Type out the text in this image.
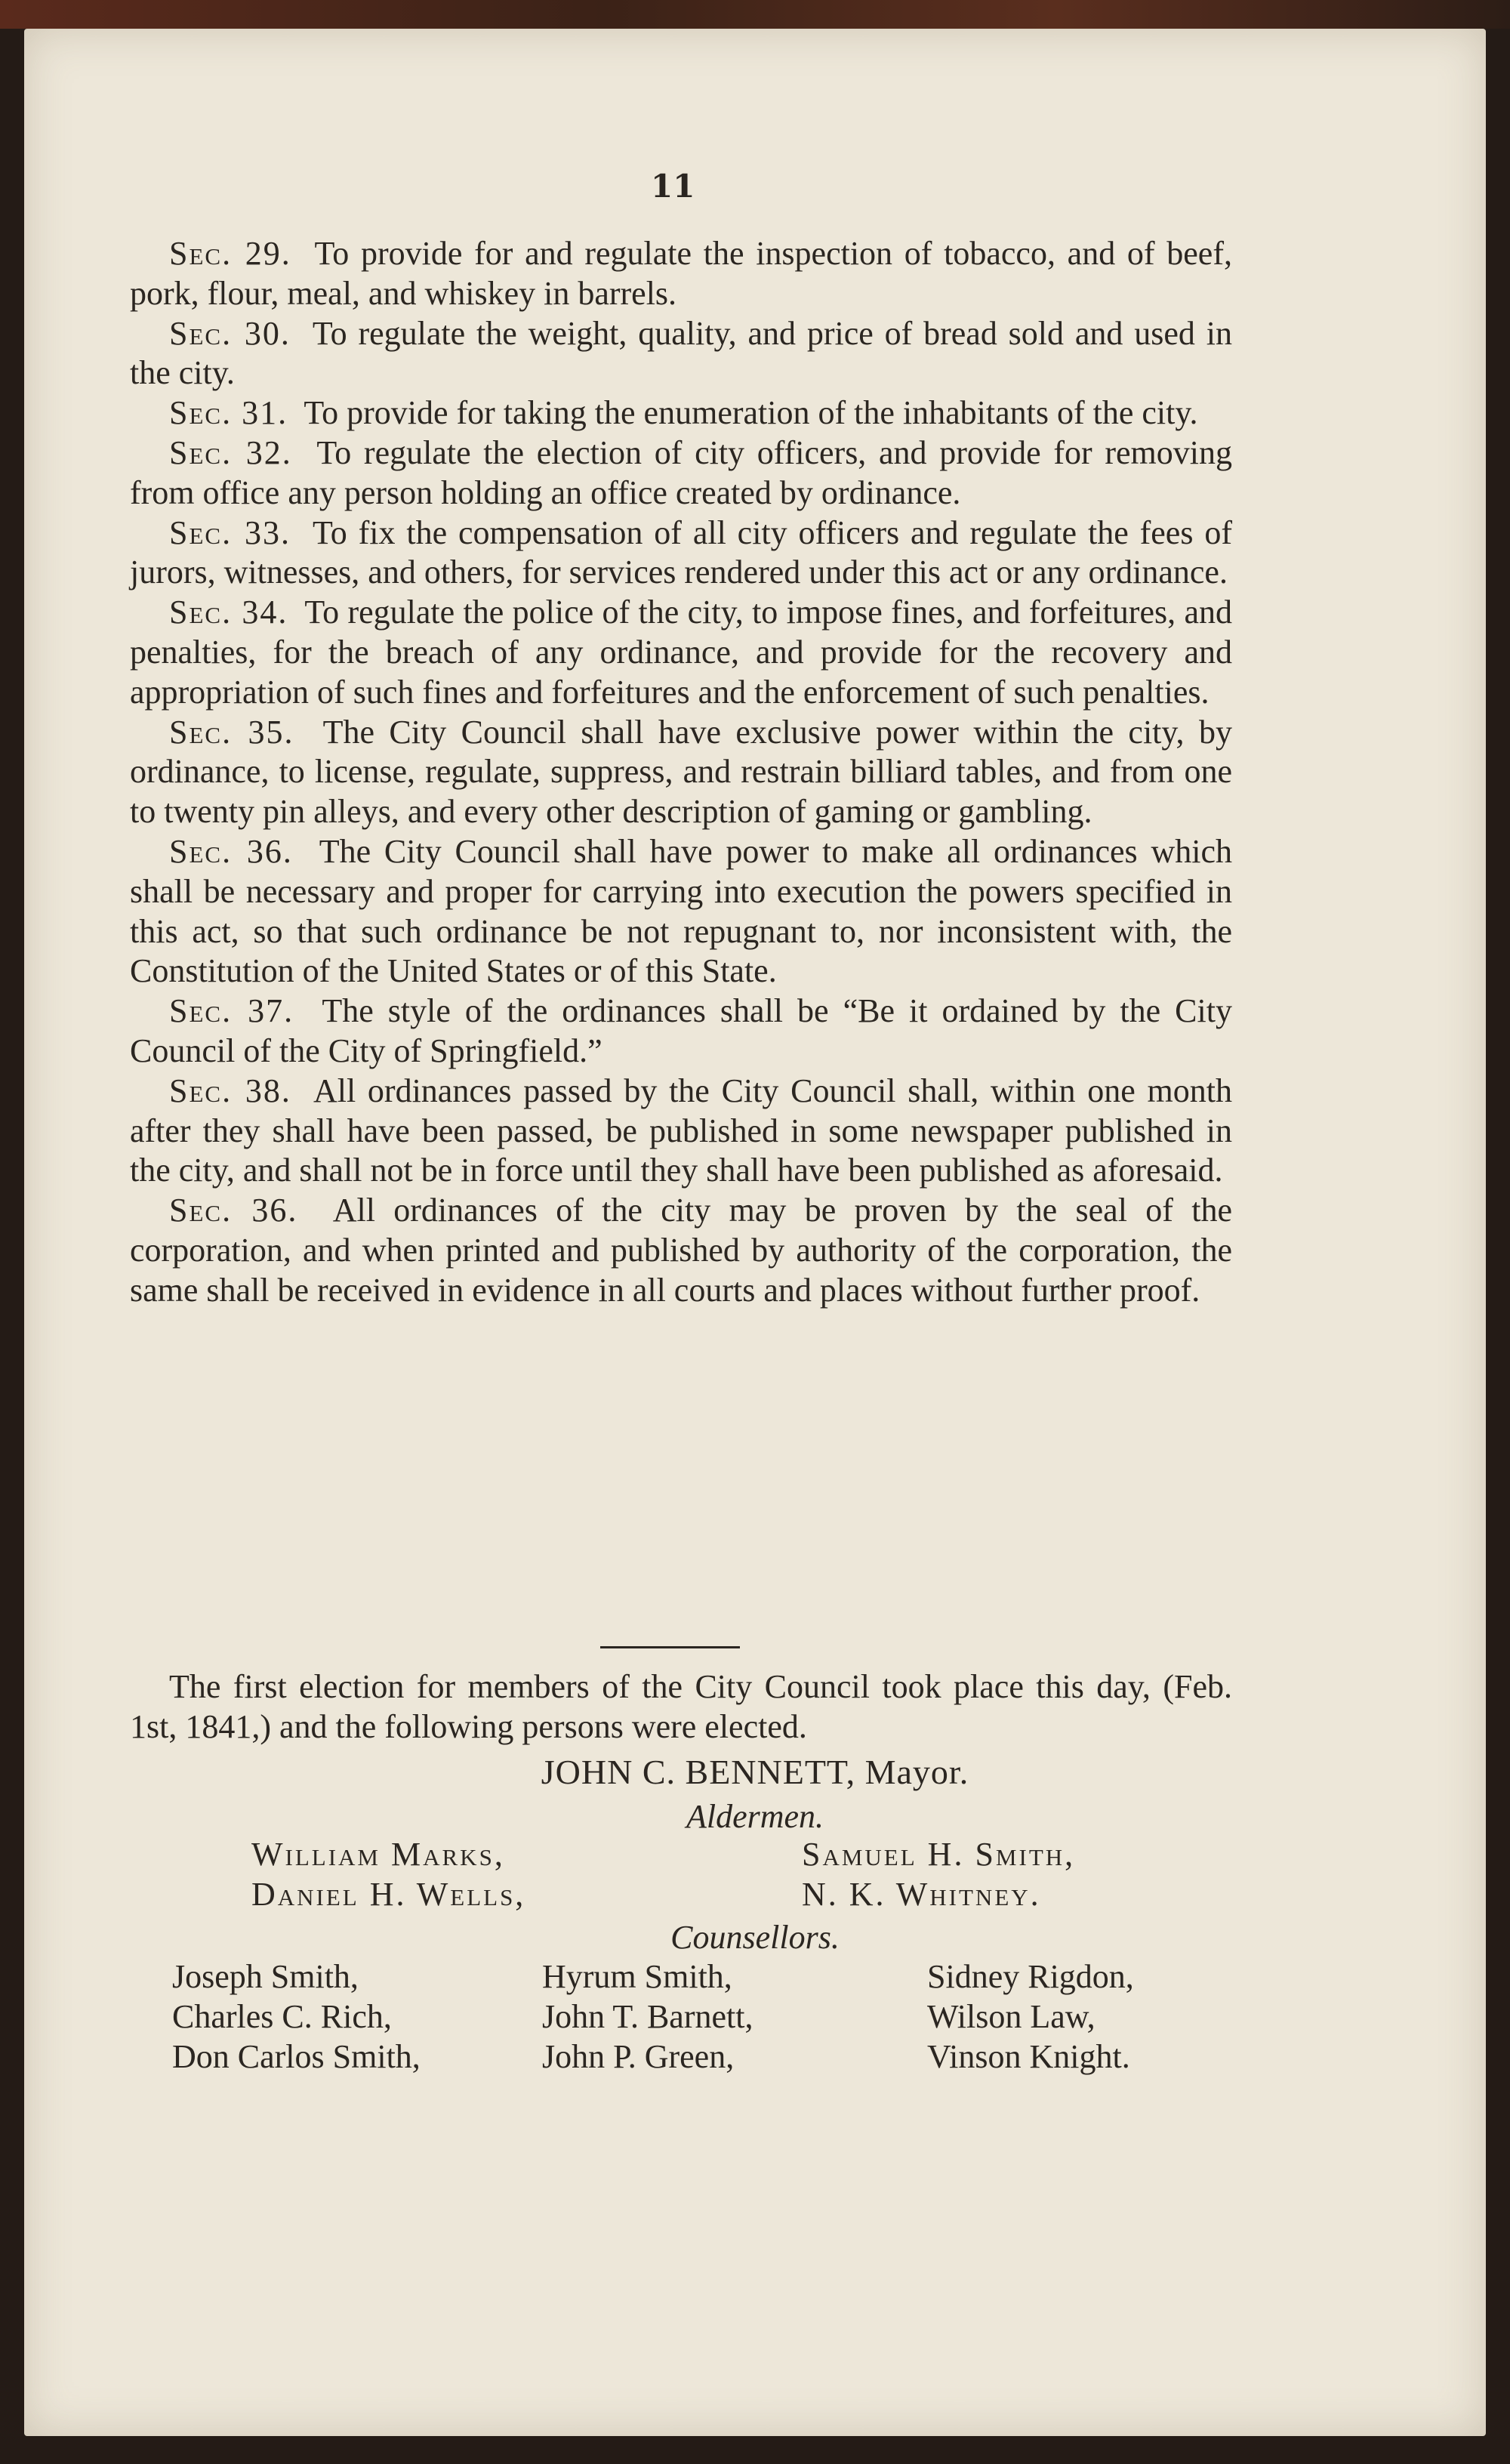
11

Sec. 29. To provide for and regulate the inspection of tobacco, and of beef, pork, flour, meal, and whiskey in barrels.

Sec. 30. To regulate the weight, quality, and price of bread sold and used in the city.

Sec. 31. To provide for taking the enumeration of the inhabitants of the city.

Sec. 32. To regulate the election of city officers, and provide for removing from office any person holding an office created by ordinance.

Sec. 33. To fix the compensation of all city officers and regulate the fees of jurors, witnesses, and others, for services rendered under this act or any ordinance.

Sec. 34. To regulate the police of the city, to impose fines, and forfeitures, and penalties, for the breach of any ordinance, and provide for the recovery and appropriation of such fines and forfeitures and the enforcement of such penalties.

Sec. 35. The City Council shall have exclusive power within the city, by ordinance, to license, regulate, suppress, and restrain billiard tables, and from one to twenty pin alleys, and every other description of gaming or gambling.

Sec. 36. The City Council shall have power to make all ordinances which shall be necessary and proper for carrying into execution the powers specified in this act, so that such ordinance be not repugnant to, nor inconsistent with, the Constitution of the United States or of this State.

Sec. 37. The style of the ordinances shall be “Be it ordained by the City Council of the City of Springfield.”

Sec. 38. All ordinances passed by the City Council shall, within one month after they shall have been passed, be published in some newspaper published in the city, and shall not be in force until they shall have been published as aforesaid.

Sec. 36. All ordinances of the city may be proven by the seal of the corporation, and when printed and published by authority of the corporation, the same shall be received in evidence in all courts and places without further proof.

The first election for members of the City Council took place this day, (Feb. 1st, 1841,) and the following persons were elected.
JOHN C. BENNETT, Mayor.
Aldermen.
William Marks,	Samuel H. Smith,
Daniel H. Wells,	N. K. Whitney.
Counsellors.
Joseph Smith,	Hyrum Smith,	Sidney Rigdon,
Charles C. Rich,	John T. Barnett,	Wilson Law,
Don Carlos Smith,	John P. Green,	Vinson Knight.
